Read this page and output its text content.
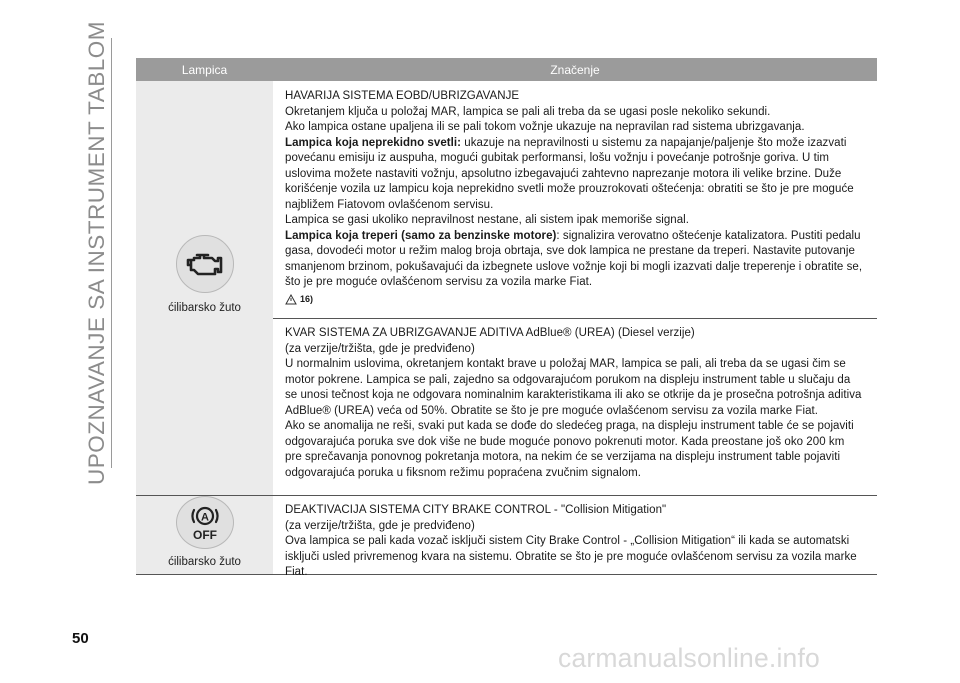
UPOZNAVANJE SA INSTRUMENT TABLOM	Lampica	Značenje
ćilibarsko žuto
HAVARIJA SISTEMA EOBD/UBRIZGAVANJE
Okretanjem ključa u položaj MAR, lampica se pali ali treba da se ugasi posle nekoliko sekundi.
Ako lampica ostane upaljena ili se pali tokom vožnje ukazuje na nepravilan rad sistema ubrizgavanja.
Lampica koja neprekidno svetli: ukazuje na nepravilnosti u sistemu za napajanje/paljenje što može izazvati
povećanu emisiju iz auspuha, mogući gubitak performansi, lošu vožnju i povećanje potrošnje goriva. U tim
uslovima možete nastaviti vožnju, apsolutno izbegavajući zahtevno naprezanje motora ili velike brzine. Duže
korišćenje vozila uz lampicu koja neprekidno svetli može prouzrokovati oštećenja: obratiti se što je pre moguće
najbližem Fiatovom ovlašćenom servisu.
Lampica se gasi ukoliko nepravilnost nestane, ali sistem ipak memoriše signal.
Lampica koja treperi (samo za benzinske motore): signalizira verovatno oštećenje katalizatora. Pustiti pedalu
gasa, dovodeći motor u režim malog broja obrtaja, sve dok lampica ne prestane da treperi. Nastavite putovanje
smanjenom brzinom, pokušavajući da izbegnete uslove vožnje koji bi mogli izazvati dalje treperenje i obratite se,
što je pre moguće ovlašćenom servisu za vozila marke Fiat.
16)
KVAR SISTEMA ZA UBRIZGAVANJE ADITIVA AdBlue® (UREA) (Diesel verzije)
(za verzije/tržišta, gde je predviđeno)
U normalnim uslovima, okretanjem kontakt brave u položaj MAR, lampica se pali, ali treba da se ugasi čim se
motor pokrene. Lampica se pali, zajedno sa odgovarajućom porukom na displeju instrument table u slučaju da
se unosi tečnost koja ne odgovara nominalnim karakteristikama ili ako se otkrije da je prosečna potrošnja aditiva
AdBlue® (UREA) veća od 50%. Obratite se što je pre moguće ovlašćenom servisu za vozila marke Fiat.
Ako se anomalija ne reši, svaki put kada se dođe do sledećeg praga, na displeju instrument table će se pojaviti
odgovarajuća poruka sve dok više ne bude moguće ponovo pokrenuti motor. Kada preostane još oko 200 km
pre sprečavanja ponovnog pokretanja motora, na nekim će se verzijama na displeju instrument table pojaviti
odgovarajuća poruka u fiksnom režimu popraćena zvučnim signalom.
A
OFF
ćilibarsko žuto
DEAKTIVACIJA SISTEMA CITY BRAKE CONTROL - "Collision Mitigation"
(za verzije/tržišta, gde je predviđeno)
Ova lampica se pali kada vozač isključi sistem City Brake Control - „Collision Mitigation“ ili kada se automatski
isključi usled privremenog kvara na sistemu. Obratite se što je pre moguće ovlašćenom servisu za vozila marke
Fiat.
50
carmanualsonline.info
